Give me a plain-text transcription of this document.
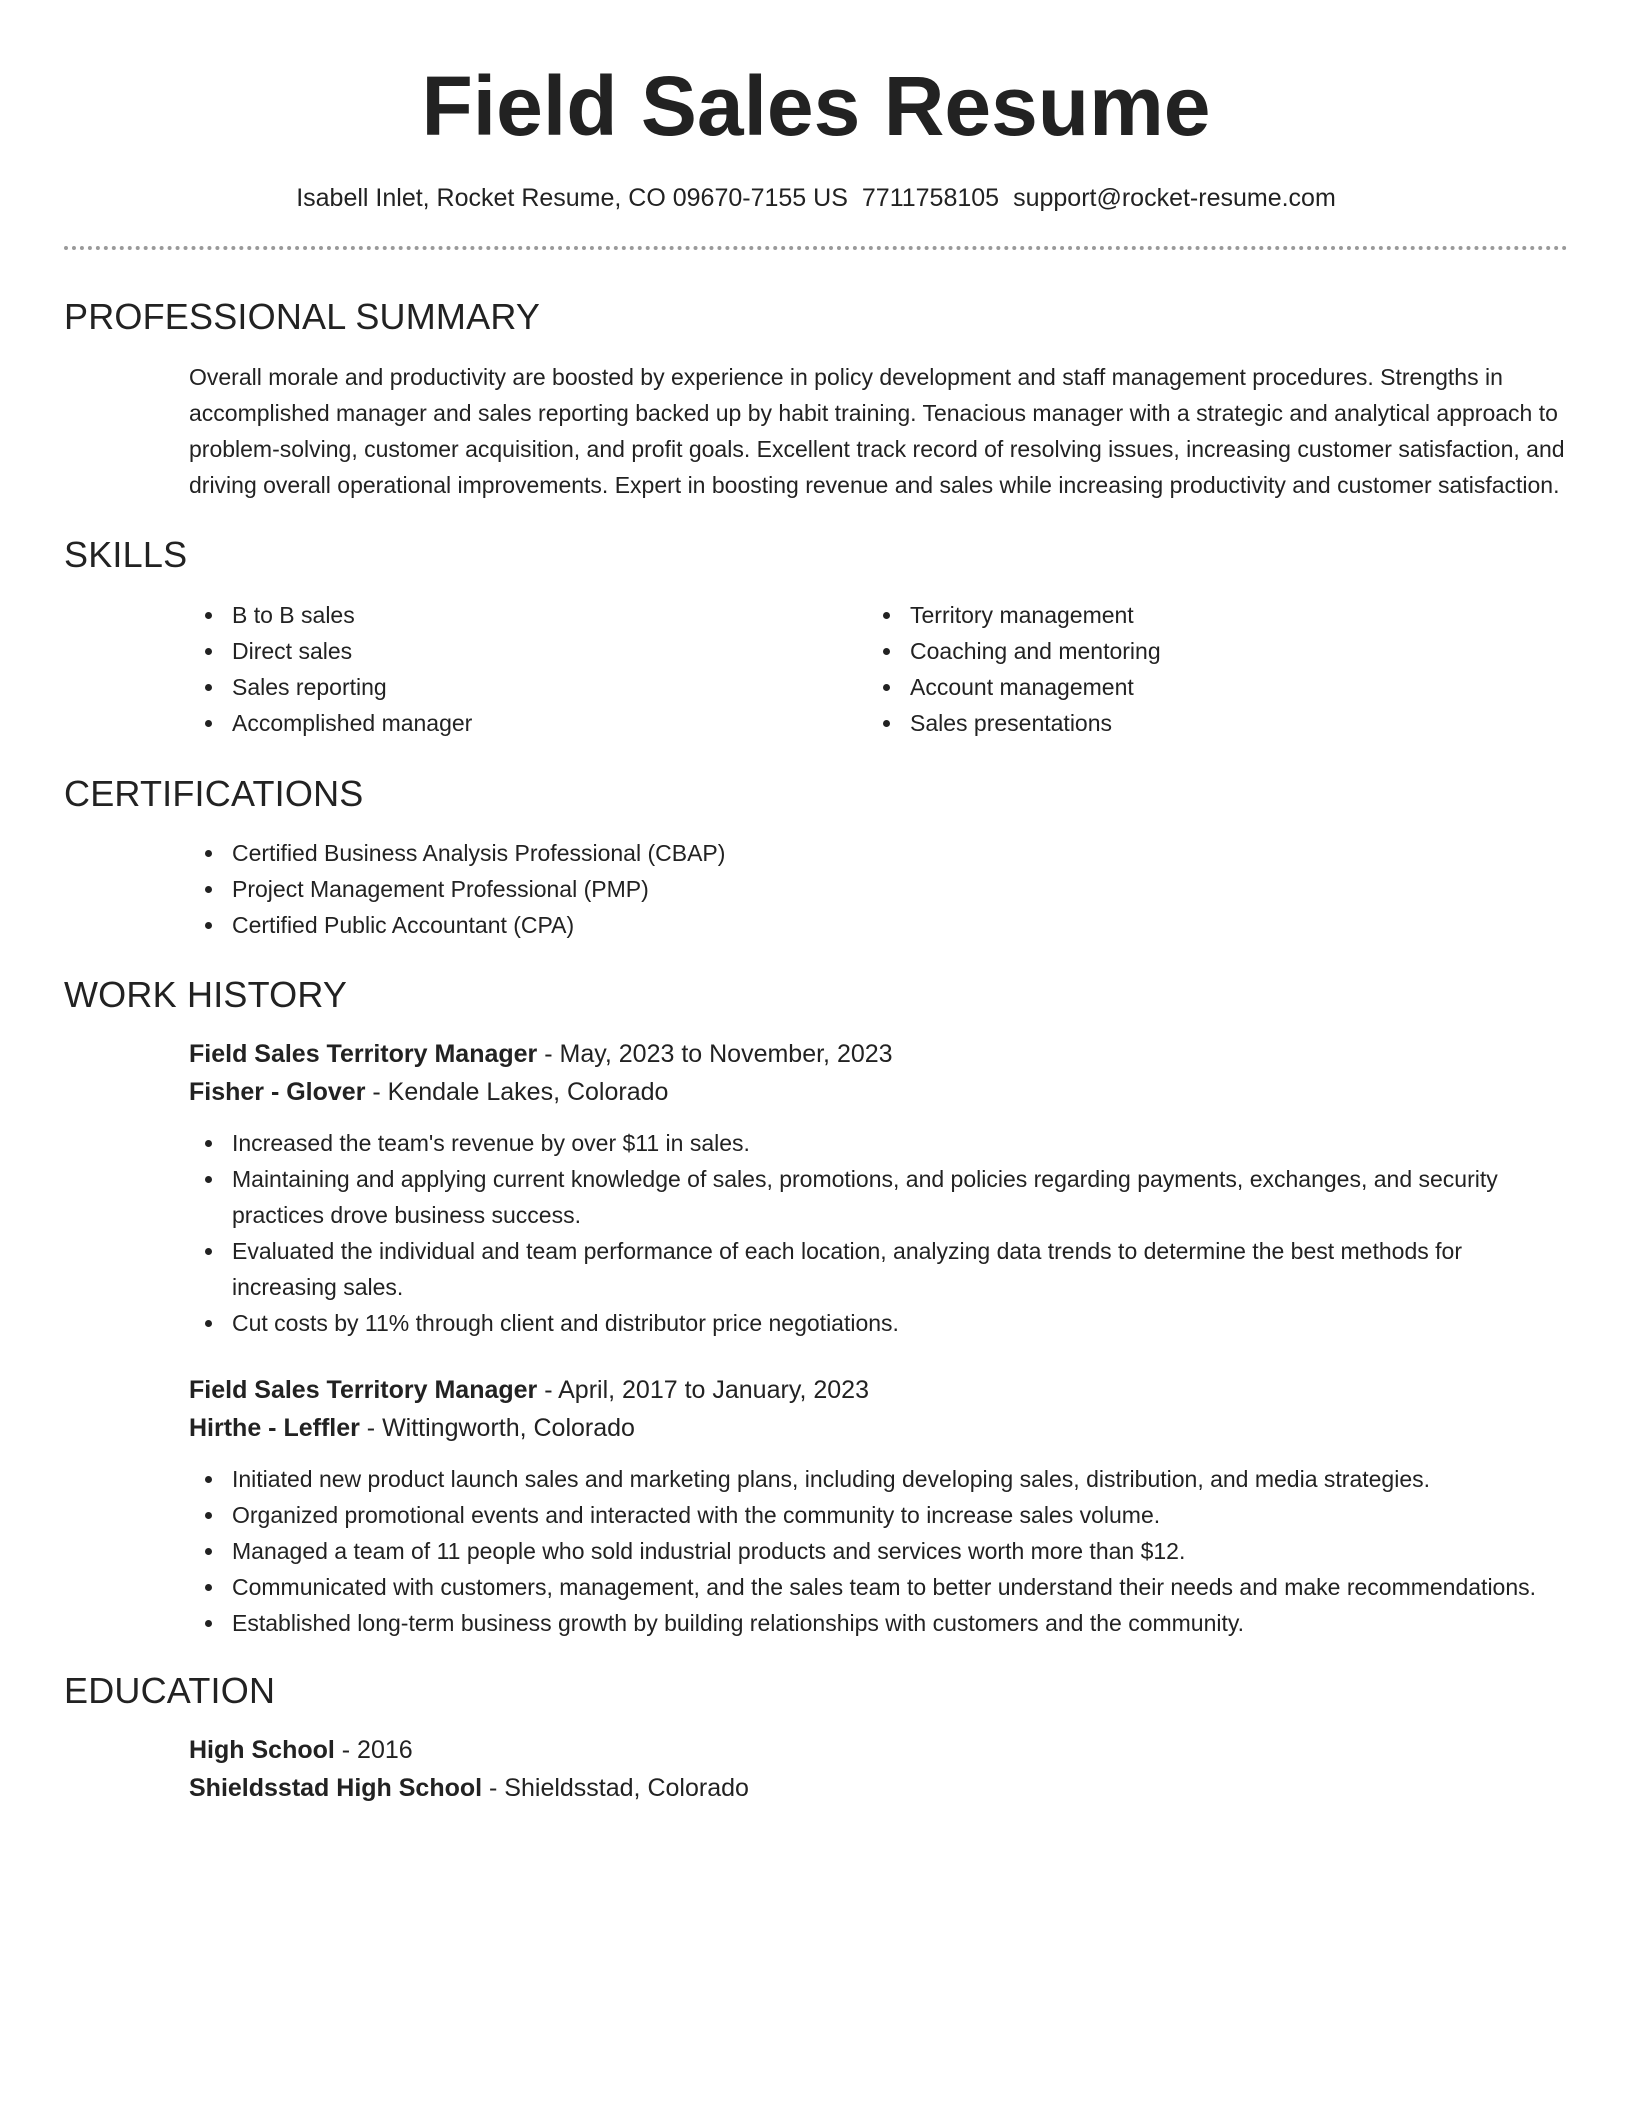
Field Sales Resume
Isabell Inlet, Rocket Resume, CO 09670-7155 US 7711758105 support@rocket-resume.com
PROFESSIONAL SUMMARY

Overall morale and productivity are boosted by experience in policy development and staff management procedures. Strengths in accomplished manager and sales reporting backed up by habit training. Tenacious manager with a strategic and analytical approach to problem-solving, customer acquisition, and profit goals. Excellent track record of resolving issues, increasing customer satisfaction, and driving overall operational improvements. Expert in boosting revenue and sales while increasing productivity and customer satisfaction.

SKILLS
B to B sales
Direct sales
Sales reporting
Accomplished manager
Territory management
Coaching and mentoring
Account management
Sales presentations
CERTIFICATIONS
Certified Business Analysis Professional (CBAP)
Project Management Professional (PMP)
Certified Public Accountant (CPA)
WORK HISTORY
Field Sales Territory Manager - May, 2023 to November, 2023
Fisher - Glover - Kendale Lakes, Colorado
Increased the team's revenue by over $11 in sales.
Maintaining and applying current knowledge of sales, promotions, and policies regarding payments, exchanges, and security practices drove business success.
Evaluated the individual and team performance of each location, analyzing data trends to determine the best methods for increasing sales.
Cut costs by 11% through client and distributor price negotiations.
Field Sales Territory Manager - April, 2017 to January, 2023
Hirthe - Leffler - Wittingworth, Colorado
Initiated new product launch sales and marketing plans, including developing sales, distribution, and media strategies.
Organized promotional events and interacted with the community to increase sales volume.
Managed a team of 11 people who sold industrial products and services worth more than $12.
Communicated with customers, management, and the sales team to better understand their needs and make recommendations.
Established long-term business growth by building relationships with customers and the community.
EDUCATION
High School - 2016
Shieldsstad High School - Shieldsstad, Colorado
